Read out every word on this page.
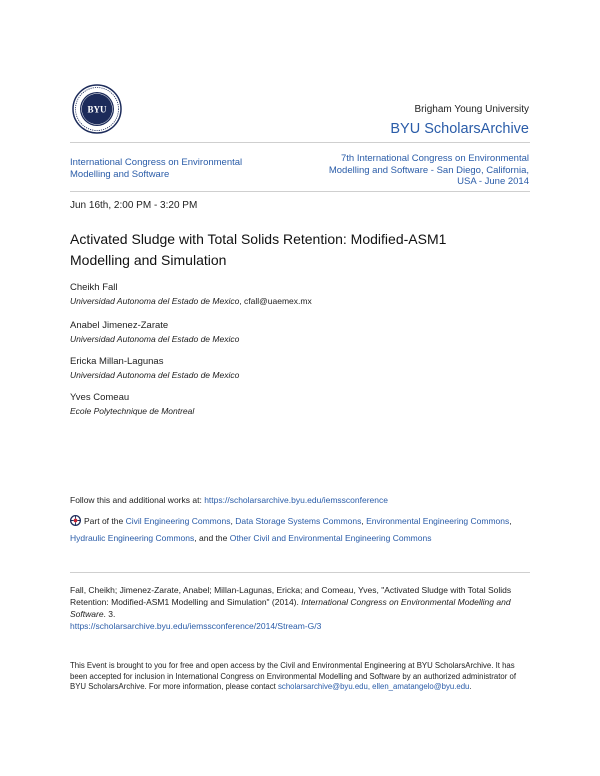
BYU	Brigham Young University
BYU ScholarsArchive
International Congress on Environmental
Modelling and Software
7th International Congress on Environmental
Modelling and Software - San Diego, California,
USA - June 2014
Jun 16th, 2:00 PM - 3:20 PM
Activated Sludge with Total Solids Retention: Modified-ASM1
Modelling and Simulation
Cheikh Fall
Universidad Autonoma del Estado de Mexico, cfall@uaemex.mx
Anabel Jimenez-Zarate
Universidad Autonoma del Estado de Mexico
Ericka Millan-Lagunas
Universidad Autonoma del Estado de Mexico
Yves Comeau
Ecole Polytechnique de Montreal
Follow this and additional works at: https://scholarsarchive.byu.edu/iemssconference
Part of the Civil Engineering Commons, Data Storage Systems Commons, Environmental Engineering Commons, Hydraulic Engineering Commons, and the Other Civil and Environmental Engineering Commons
Fall, Cheikh; Jimenez-Zarate, Anabel; Millan-Lagunas, Ericka; and Comeau, Yves, "Activated Sludge with Total Solids Retention: Modified-ASM1 Modelling and Simulation" (2014). International Congress on Environmental Modelling and Software. 3.
https://scholarsarchive.byu.edu/iemssconference/2014/Stream-G/3
This Event is brought to you for free and open access by the Civil and Environmental Engineering at BYU ScholarsArchive. It has been accepted for inclusion in International Congress on Environmental Modelling and Software by an authorized administrator of BYU ScholarsArchive. For more information, please contact scholarsarchive@byu.edu, ellen_amatangelo@byu.edu.
